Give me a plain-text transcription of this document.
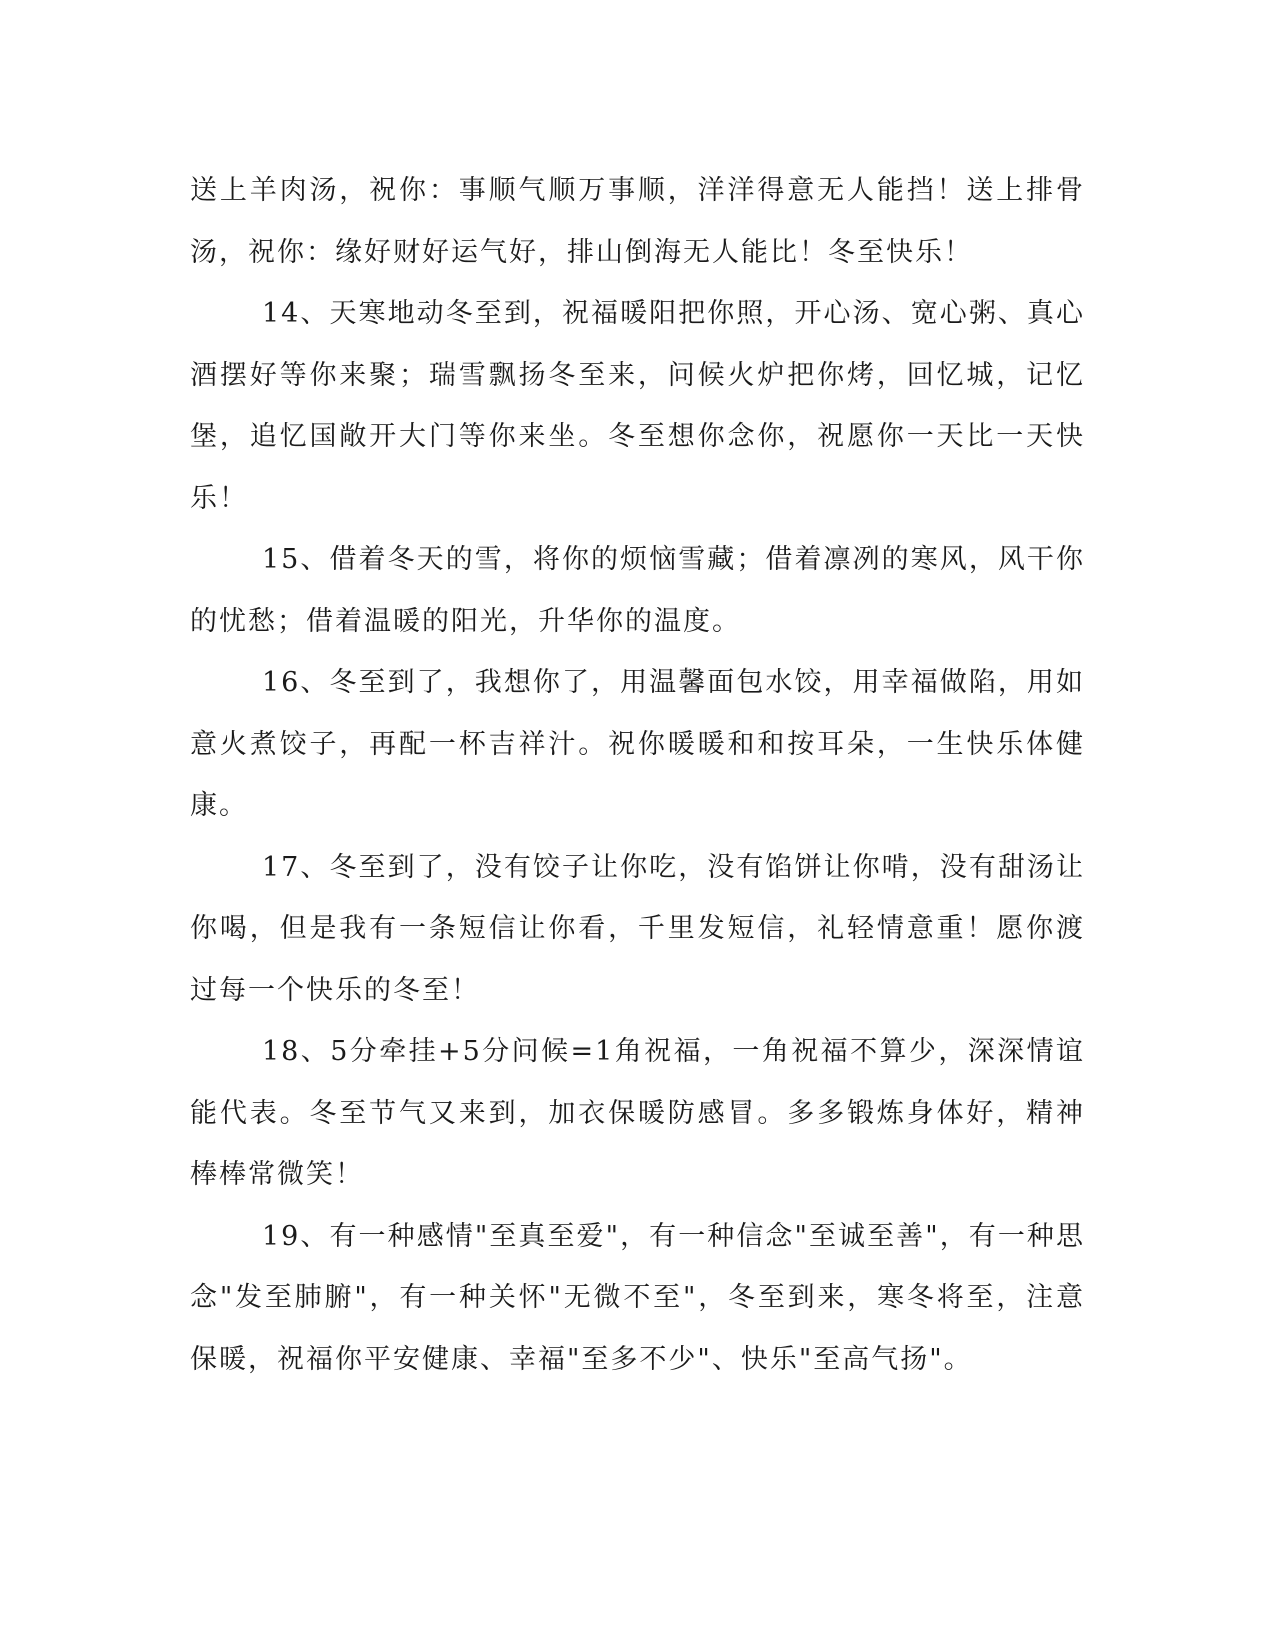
送上羊肉汤，祝你：事顺气顺万事顺，洋洋得意无人能挡！送上排骨汤，祝你：缘好财好运气好，排山倒海无人能比！冬至快乐！

14、天寒地动冬至到，祝福暖阳把你照，开心汤、宽心粥、真心酒摆好等你来聚；瑞雪飘扬冬至来，问候火炉把你烤，回忆城，记忆堡，追忆国敞开大门等你来坐。冬至想你念你，祝愿你一天比一天快乐！

15、借着冬天的雪，将你的烦恼雪藏；借着凛冽的寒风，风干你的忧愁；借着温暖的阳光，升华你的温度。

16、冬至到了，我想你了，用温馨面包水饺，用幸福做陷，用如意火煮饺子，再配一杯吉祥汁。祝你暖暖和和按耳朵，一生快乐体健康。

17、冬至到了，没有饺子让你吃，没有馅饼让你啃，没有甜汤让你喝，但是我有一条短信让你看，千里发短信，礼轻情意重！愿你渡过每一个快乐的冬至！

18、5分牵挂+5分问候=1角祝福，一角祝福不算少，深深情谊能代表。冬至节气又来到，加衣保暖防感冒。多多锻炼身体好，精神棒棒常微笑！

19、有一种感情"至真至爱"，有一种信念"至诚至善"，有一种思念"发至肺腑"，有一种关怀"无微不至"，冬至到来，寒冬将至，注意保暖，祝福你平安健康、幸福"至多不少"、快乐"至高气扬"。
